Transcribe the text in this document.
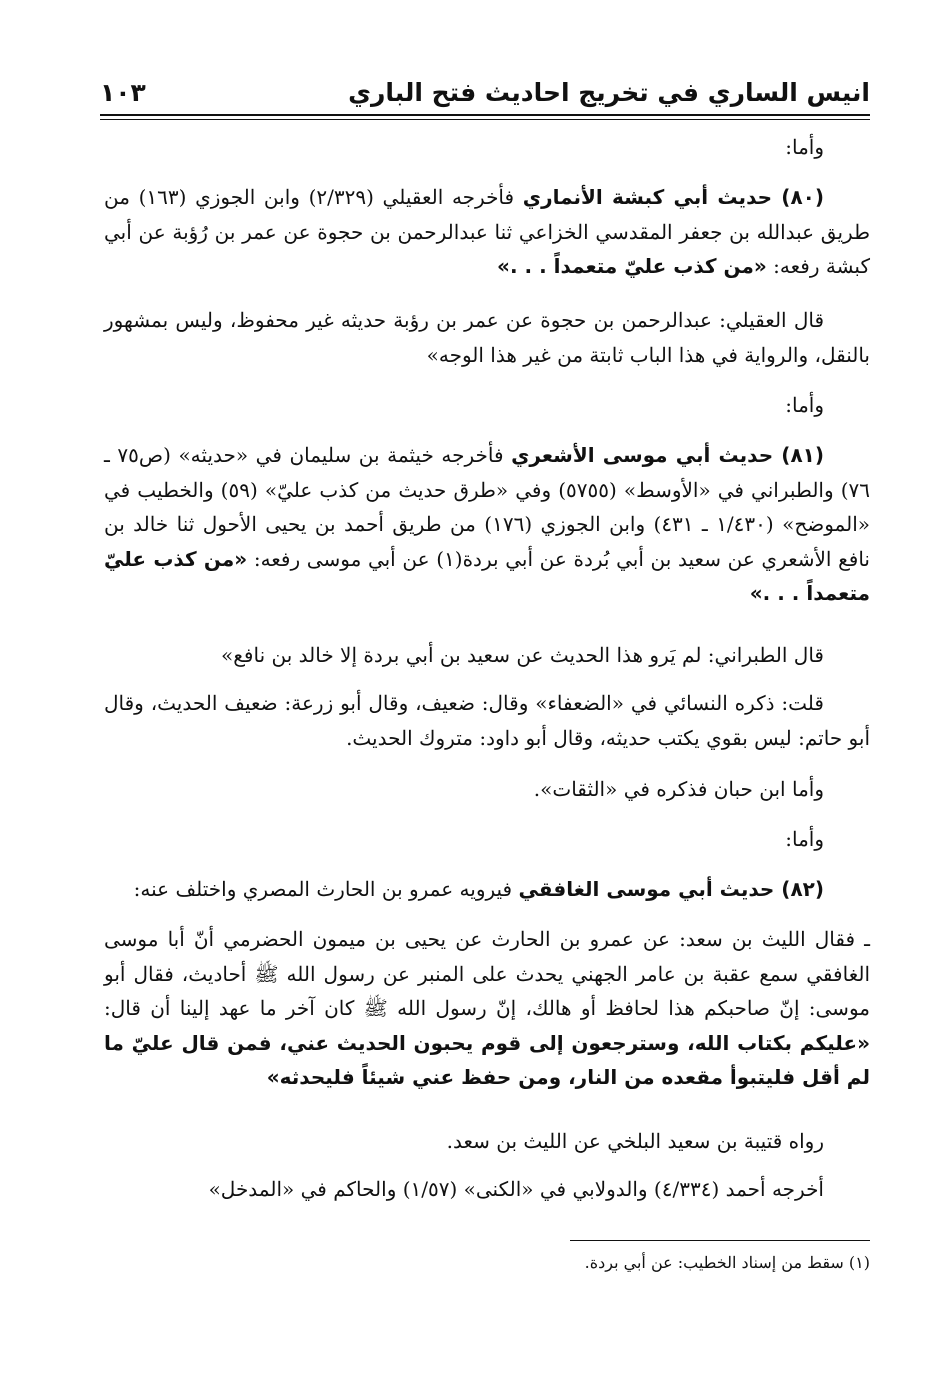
انيس الساري في تخريج احاديث فتح الباري
١٠٣

وأما:

(٨٠) حديث أبي كبشة الأنماري فأخرجه العقيلي (٢/٣٢٩) وابن الجوزي (١٦٣) من طريق عبدالله بن جعفر المقدسي الخزاعي ثنا عبدالرحمن بن حجوة عن عمر بن رُؤبة عن أبي كبشة رفعه: «من كذب عليّ متعمداً . . .»

قال العقيلي: عبدالرحمن بن حجوة عن عمر بن رؤبة حديثه غير محفوظ، وليس بمشهور بالنقل، والرواية في هذا الباب ثابتة من غير هذا الوجه»

وأما:

(٨١) حديث أبي موسى الأشعري فأخرجه خيثمة بن سليمان في «حديثه» (ص٧٥ ـ ٧٦) والطبراني في «الأوسط» (٥٧٥٥) وفي «طرق حديث من كذب عليّ» (٥٩) والخطيب في «الموضح» (١/٤٣٠ ـ ٤٣١) وابن الجوزي (١٧٦) من طريق أحمد بن يحيى الأحول ثنا خالد بن نافع الأشعري عن سعيد بن أبي بُردة عن أبي بردة(١) عن أبي موسى رفعه: «من كذب عليّ متعمداً . . .»

قال الطبراني: لم يَرو هذا الحديث عن سعيد بن أبي بردة إلا خالد بن نافع»

قلت: ذكره النسائي في «الضعفاء» وقال: ضعيف، وقال أبو زرعة: ضعيف الحديث، وقال أبو حاتم: ليس بقوي يكتب حديثه، وقال أبو داود: متروك الحديث.

وأما ابن حبان فذكره في «الثقات».

وأما:

(٨٢) حديث أبي موسى الغافقي فيرويه عمرو بن الحارث المصري واختلف عنه:

ـ فقال الليث بن سعد: عن عمرو بن الحارث عن يحيى بن ميمون الحضرمي أنّ أبا موسى الغافقي سمع عقبة بن عامر الجهني يحدث على المنبر عن رسول الله ﷺ أحاديث، فقال أبو موسى: إنّ صاحبكم هذا لحافظ أو هالك، إنّ رسول الله ﷺ كان آخر ما عهد إلينا أن قال: «عليكم بكتاب الله، وسترجعون إلى قوم يحبون الحديث عني، فمن قال عليّ ما لم أقل فليتبوأ مقعده من النار، ومن حفظ عني شيئاً فليحدثه»

رواه قتيبة بن سعيد البلخي عن الليث بن سعد.

أخرجه أحمد (٤/٣٣٤) والدولابي في «الكنى» (١/٥٧) والحاكم في «المدخل»

(١) سقط من إسناد الخطيب: عن أبي بردة.
